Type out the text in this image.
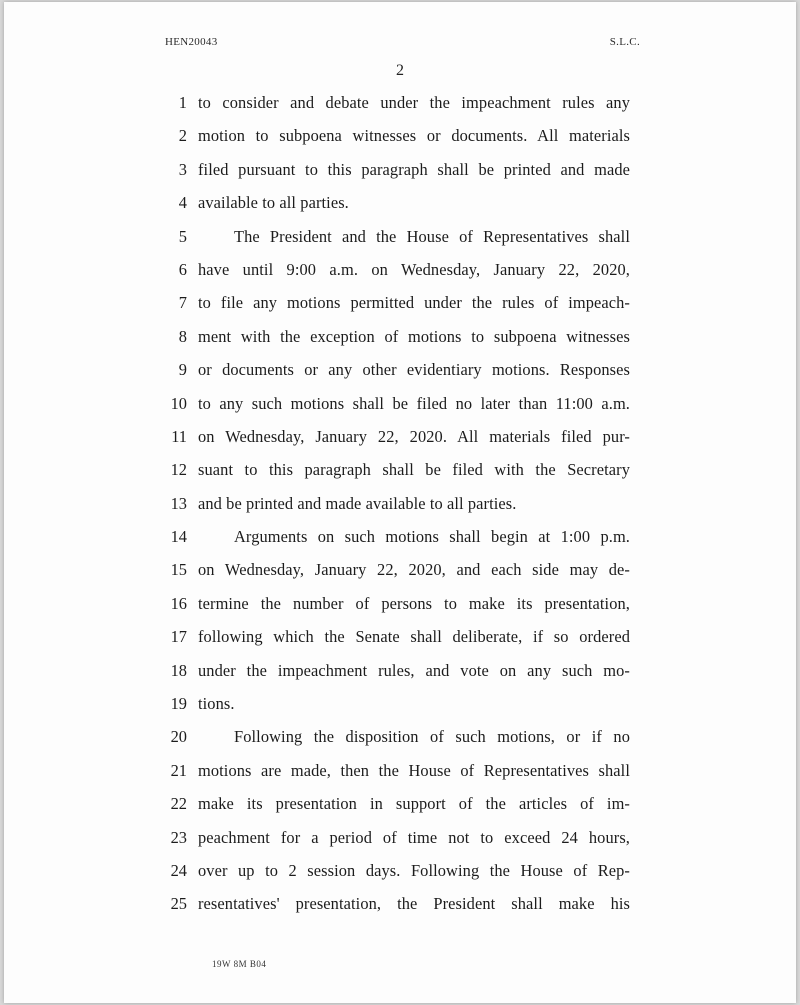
HEN20043	S.L.C.
2
1 to consider and debate under the impeachment rules any
2 motion to subpoena witnesses or documents. All materials
3 filed pursuant to this paragraph shall be printed and made
4 available to all parties.
5	The President and the House of Representatives shall
6 have until 9:00 a.m. on Wednesday, January 22, 2020,
7 to file any motions permitted under the rules of impeach-
8 ment with the exception of motions to subpoena witnesses
9 or documents or any other evidentiary motions. Responses
10 to any such motions shall be filed no later than 11:00 a.m.
11 on Wednesday, January 22, 2020. All materials filed pur-
12 suant to this paragraph shall be filed with the Secretary
13 and be printed and made available to all parties.
14	Arguments on such motions shall begin at 1:00 p.m.
15 on Wednesday, January 22, 2020, and each side may de-
16 termine the number of persons to make its presentation,
17 following which the Senate shall deliberate, if so ordered
18 under the impeachment rules, and vote on any such mo-
19 tions.
20	Following the disposition of such motions, or if no
21 motions are made, then the House of Representatives shall
22 make its presentation in support of the articles of im-
23 peachment for a period of time not to exceed 24 hours,
24 over up to 2 session days. Following the House of Rep-
25 resentatives' presentation, the President shall make his
19W 8M B04
